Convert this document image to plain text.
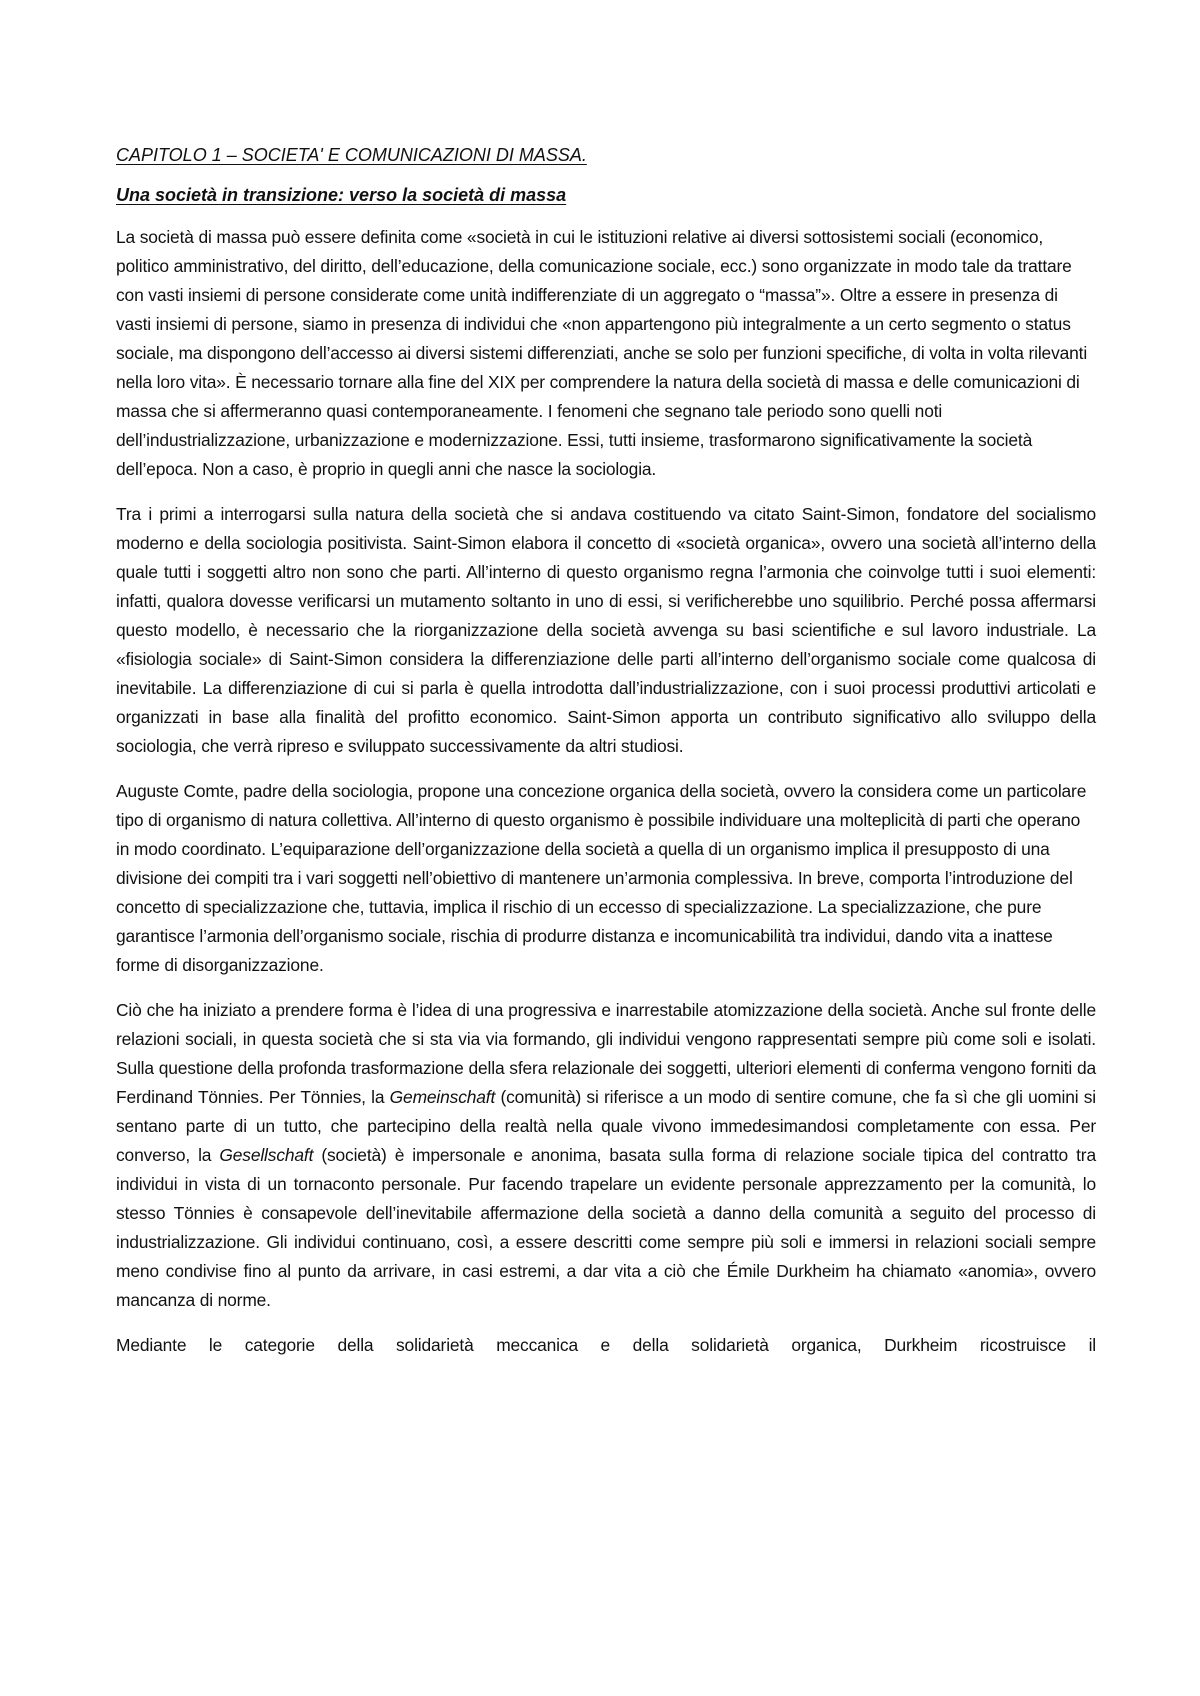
CAPITOLO 1 – SOCIETA' E COMUNICAZIONI DI MASSA.
Una società in transizione: verso la società di massa

La società di massa può essere definita come «società in cui le istituzioni relative ai diversi sottosistemi sociali (economico, politico amministrativo, del diritto, dell’educazione, della comunicazione sociale, ecc.) sono organizzate in modo tale da trattare con vasti insiemi di persone considerate come unità indifferenziate di un aggregato o “massa”». Oltre a essere in presenza di vasti insiemi di persone, siamo in presenza di individui che «non appartengono più integralmente a un certo segmento o status sociale, ma dispongono dell’accesso ai diversi sistemi differenziati, anche se solo per funzioni specifiche, di volta in volta rilevanti nella loro vita». È necessario tornare alla fine del XIX per comprendere la natura della società di massa e delle comunicazioni di massa che si affermeranno quasi contemporaneamente. I fenomeni che segnano tale periodo sono quelli noti dell’industrializzazione, urbanizzazione e modernizzazione. Essi, tutti insieme, trasformarono significativamente la società dell’epoca. Non a caso, è proprio in quegli anni che nasce la sociologia.

Tra i primi a interrogarsi sulla natura della società che si andava costituendo va citato Saint-Simon, fondatore del socialismo moderno e della sociologia positivista. Saint-Simon elabora il concetto di «società organica», ovvero una società all’interno della quale tutti i soggetti altro non sono che parti. All’interno di questo organismo regna l’armonia che coinvolge tutti i suoi elementi: infatti, qualora dovesse verificarsi un mutamento soltanto in uno di essi, si verificherebbe uno squilibrio. Perché possa affermarsi questo modello, è necessario che la riorganizzazione della società avvenga su basi scientifiche e sul lavoro industriale. La «fisiologia sociale» di Saint-Simon considera la differenziazione delle parti all’interno dell’organismo sociale come qualcosa di inevitabile. La differenziazione di cui si parla è quella introdotta dall’industrializzazione, con i suoi processi produttivi articolati e organizzati in base alla finalità del profitto economico. Saint-Simon apporta un contributo significativo allo sviluppo della sociologia, che verrà ripreso e sviluppato successivamente da altri studiosi.

Auguste Comte, padre della sociologia, propone una concezione organica della società, ovvero la considera come un particolare tipo di organismo di natura collettiva. All’interno di questo organismo è possibile individuare una molteplicità di parti che operano in modo coordinato. L’equiparazione dell’organizzazione della società a quella di un organismo implica il presupposto di una divisione dei compiti tra i vari soggetti nell’obiettivo di mantenere un’armonia complessiva. In breve, comporta l’introduzione del concetto di specializzazione che, tuttavia, implica il rischio di un eccesso di specializzazione. La specializzazione, che pure garantisce l’armonia dell’organismo sociale, rischia di produrre distanza e incomunicabilità tra individui, dando vita a inattese forme di disorganizzazione.

Ciò che ha iniziato a prendere forma è l’idea di una progressiva e inarrestabile atomizzazione della società. Anche sul fronte delle relazioni sociali, in questa società che si sta via via formando, gli individui vengono rappresentati sempre più come soli e isolati. Sulla questione della profonda trasformazione della sfera relazionale dei soggetti, ulteriori elementi di conferma vengono forniti da Ferdinand Tönnies. Per Tönnies, la Gemeinschaft (comunità) si riferisce a un modo di sentire comune, che fa sì che gli uomini si sentano parte di un tutto, che partecipino della realtà nella quale vivono immedesimandosi completamente con essa. Per converso, la Gesellschaft (società) è impersonale e anonima, basata sulla forma di relazione sociale tipica del contratto tra individui in vista di un tornaconto personale. Pur facendo trapelare un evidente personale apprezzamento per la comunità, lo stesso Tönnies è consapevole dell’inevitabile affermazione della società a danno della comunità a seguito del processo di industrializzazione. Gli individui continuano, così, a essere descritti come sempre più soli e immersi in relazioni sociali sempre meno condivise fino al punto da arrivare, in casi estremi, a dar vita a ciò che Émile Durkheim ha chiamato «anomia», ovvero mancanza di norme.

Mediante le categorie della solidarietà meccanica e della solidarietà organica, Durkheim ricostruisce il
